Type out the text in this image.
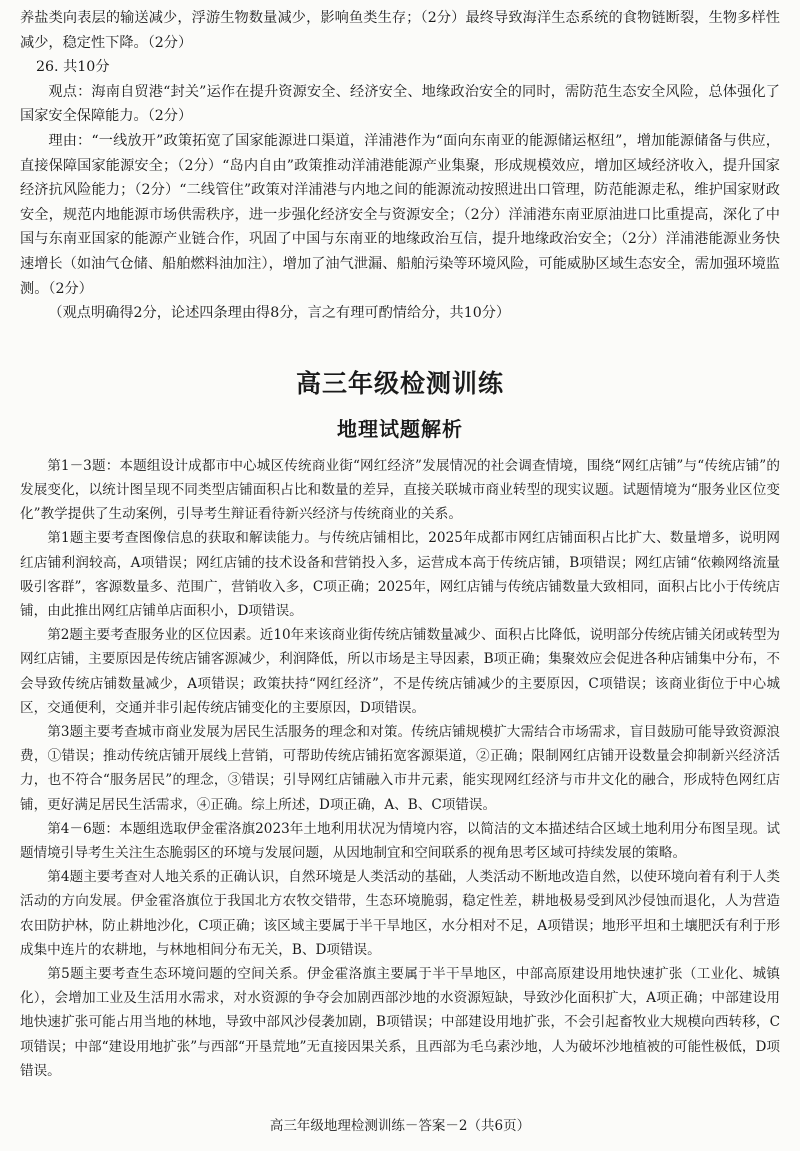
养盐类向表层的输送减少，浮游生物数量减少，影响鱼类生存；（2分）最终导致海洋生态系统的食物链断裂，生物多样性减少，稳定性下降。（2分）

26. 共10分

观点：海南自贸港“封关”运作在提升资源安全、经济安全、地缘政治安全的同时，需防范生态安全风险，总体强化了国家安全保障能力。（2分）

理由：“一线放开”政策拓宽了国家能源进口渠道，洋浦港作为“面向东南亚的能源储运枢纽”，增加能源储备与供应，直接保障国家能源安全；（2分）“岛内自由”政策推动洋浦港能源产业集聚，形成规模效应，增加区域经济收入，提升国家经济抗风险能力；（2分）“二线管住”政策对洋浦港与内地之间的能源流动按照进出口管理，防范能源走私，维护国家财政安全，规范内地能源市场供需秩序，进一步强化经济安全与资源安全；（2分）洋浦港东南亚原油进口比重提高，深化了中国与东南亚国家的能源产业链合作，巩固了中国与东南亚的地缘政治互信，提升地缘政治安全；（2分）洋浦港能源业务快速增长（如油气仓储、船舶燃料油加注），增加了油气泄漏、船舶污染等环境风险，可能威胁区域生态安全，需加强环境监测。（2分）

（观点明确得2分，论述四条理由得8分，言之有理可酌情给分，共10分）

高三年级检测训练
地理试题解析

第1－3题：本题组设计成都市中心城区传统商业街“网红经济”发展情况的社会调查情境，围绕“网红店铺”与“传统店铺”的发展变化，以统计图呈现不同类型店铺面积占比和数量的差异，直接关联城市商业转型的现实议题。试题情境为“服务业区位变化”教学提供了生动案例，引导考生辩证看待新兴经济与传统商业的关系。

第1题主要考查图像信息的获取和解读能力。与传统店铺相比，2025年成都市网红店铺面积占比扩大、数量增多，说明网红店铺利润较高，A项错误；网红店铺的技术设备和营销投入多，运营成本高于传统店铺，B项错误；网红店铺“依赖网络流量吸引客群”，客源数量多、范围广，营销收入多，C项正确；2025年，网红店铺与传统店铺数量大致相同，面积占比小于传统店铺，由此推出网红店铺单店面积小，D项错误。

第2题主要考查服务业的区位因素。近10年来该商业街传统店铺数量减少、面积占比降低，说明部分传统店铺关闭或转型为网红店铺，主要原因是传统店铺客源减少，利润降低，所以市场是主导因素，B项正确；集聚效应会促进各种店铺集中分布，不会导致传统店铺数量减少，A项错误；政策扶持“网红经济”，不是传统店铺减少的主要原因，C项错误；该商业街位于中心城区，交通便利，交通并非引起传统店铺变化的主要原因，D项错误。

第3题主要考查城市商业发展为居民生活服务的理念和对策。传统店铺规模扩大需结合市场需求，盲目鼓励可能导致资源浪费，①错误；推动传统店铺开展线上营销，可帮助传统店铺拓宽客源渠道，②正确；限制网红店铺开设数量会抑制新兴经济活力，也不符合“服务居民”的理念，③错误；引导网红店铺融入市井元素，能实现网红经济与市井文化的融合，形成特色网红店铺，更好满足居民生活需求，④正确。综上所述，D项正确，A、B、C项错误。

第4－6题：本题组选取伊金霍洛旗2023年土地利用状况为情境内容，以简洁的文本描述结合区域土地利用分布图呈现。试题情境引导考生关注生态脆弱区的环境与发展问题，从因地制宜和空间联系的视角思考区域可持续发展的策略。

第4题主要考查对人地关系的正确认识，自然环境是人类活动的基础，人类活动不断地改造自然，以使环境向着有利于人类活动的方向发展。伊金霍洛旗位于我国北方农牧交错带，生态环境脆弱，稳定性差，耕地极易受到风沙侵蚀而退化，人为营造农田防护林，防止耕地沙化，C项正确；该区域主要属于半干旱地区，水分相对不足，A项错误；地形平坦和土壤肥沃有利于形成集中连片的农耕地，与林地相间分布无关，B、D项错误。

第5题主要考查生态环境问题的空间关系。伊金霍洛旗主要属于半干旱地区，中部高原建设用地快速扩张（工业化、城镇化），会增加工业及生活用水需求，对水资源的争夺会加剧西部沙地的水资源短缺，导致沙化面积扩大，A项正确；中部建设用地快速扩张可能占用当地的林地，导致中部风沙侵袭加剧，B项错误；中部建设用地扩张，不会引起畜牧业大规模向西转移，C项错误；中部“建设用地扩张”与西部“开垦荒地”无直接因果关系，且西部为毛乌素沙地，人为破坏沙地植被的可能性极低，D项错误。

高三年级地理检测训练－答案－2（共6页）
